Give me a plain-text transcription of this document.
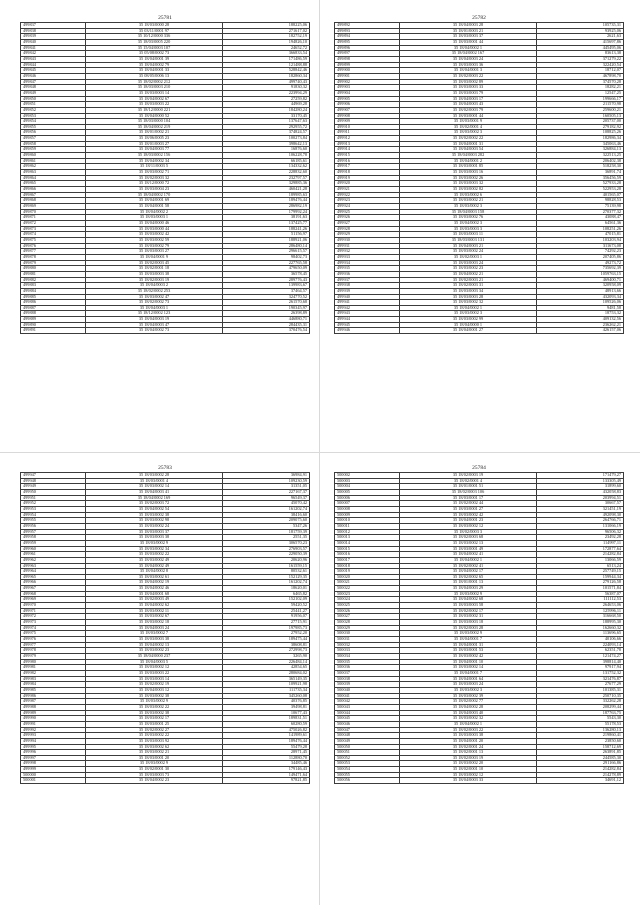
25781
499837	35 18/03/0000 28	188225,06
499838	35 03/11/0001 97	271617,02
499839	35 10/12/0000 336	182752,19
499840	35 18/03/0005 220	194826,10
499841	35 15/04/0003 107	24652,72
499842	35 05/08/0002 73	366833,54
499843	35 18/04/0001 39	171486,59
499844	35 18/04/0002 79	121488,88
499845	35 18/04/0001 33	528842,46
499846	35 08/05/0006 13	182860,34
499847	35 18/02/0002 212	499740,43
499848	35 18/03/0003 210	91830,32
499849	35 18/03/0003 14	223994,29
499850	35 18/04/0002 67	27259,82
499851	35 18/03/0003 22	44969,28
499852	35 18/12/0000 221	184280,24
499853	35 18/04/0000 52	33170,45
499854	35 18/03/0000 104	137647,63
499855	35 18/04/0002 219	292955,72
499856	35 18/01/0002 21	374824,57
499857	35 18/06/0005 23	100273,84
499858	35 18/01/0003 27	398642,13
499859	35 18/04/0003 77	16876,60
499860	35 18/03/0002 156	106228,78
499861	35 18/04/0002 34	66185,61
499862	35 18/11/0003 5	134332,62
499863	35 18/03/0002 71	228832,60
499864	35 18/02/0003 32	232797,57
499865	35 18/12/0000 72	329885,36
499866	35 18/03/0004 23	460421,28
499867	35 18/04/0002 170	189985,63
499868	35 18/04/0001 69	189476,44
499869	35 18/04/0001 58	286982,19
499870	35 18/04/0002 2	179992,24
499871	35 18/03/0003 1	38191,63
499872	35 18/04/0000 46	137425,77
499873	35 18/03/0000 44	188241,26
499874	35 18/03/0002 42	51156,97
499875	35 18/03/0002 59	188921,06
499876	35 18/03/0002 79	286480,14
499877	35 18/03/0003 27	296615,57
499878	35 18/04/0001 9	98402,73
499879	35 18/02/0003 45	227765,58
499880	35 18/02/0001 18	479650,09
499881	35 18/03/0003 38	36578,45
499882	35 18/02/0003 19	289776,43
499883	35 18/04/0003 2	139983,67
499884	35 18/02/0002 253	37464,57
499885	35 18/03/0002 47	324770,52
499886	35 18/02/0002 73	261570,68
499887	35 18/04/0003 1	190345,97
499888	35 18/12/0002 123	26398,89
499889	35 18/04/0003 19	446880,71
499890	35 18/04/0003 47	284435,31
499891	35 18/04/0002 73	370476,54
25782
499892	35 18/04/0003 28	105735,31
499893	35 18/01/0003 21	93925,06
499894	35 18/03/0003 37	2621,63
499895	35 18/03/0001 44	415697,86
499896	35 18/04/0002 1	445495,06
499897	35 18/04/0002 167	83613,38
499898	35 18/04/0003 24	371279,22
499899	35 18/03/0003 36	322420,54
499900	35 18/04/0001 3	18712,07
499901	35 18/02/0003 22	467898,70
499902	35 18/03/0002 89	374570,28
499903	35 18/03/0003 33	18282,21
499904	35 18/03/0003 79	12547,25
499905	35 18/04/0003 17	199666,17
499906	35 18/04/0003 43	211570,98
499907	35 18/02/0003 79	259600,21
499908	35 18/03/0001 44	160505,13
499909	35 18/03/0001 9	205737,00
499910	35 18/02/0001 4	279182,92
499911	35 18/03/0002 3	108825,26
499912	35 18/02/0002 22	182986,34
499913	35 18/04/0001 31	345063,46
499914	35 18/04/0003 54	326884,13
499915	35 18/04/0003 282	322513,25
499916	35 18/04/0001 2	206402,38
499917	35 18/03/0001 85	518258,30
499918	35 18/03/0003 16	36891,74
499919	35 18/03/0002 26	356456,59
499920	35 18/03/0003 32	527933,28
499921	35 18/03/0002 82	522953,28
499922	35 18/03/0002 6	401565,07
499923	35 18/03/0002 21	98828,53
499924	35 18/03/0002 3	75139,98
499925	35 18/04/0003 158	270377,32
499926	35 18/03/0002 76	43088,47
499927	35 18/04/0002 3	64561,36
499928	35 18/03/0003 3	108251,26
499929	35 18/03/0003 11	47015,81
499930	35 18/03/0003 131	103203,94
499931	35 18/04/0003 21	311673,08
499932	35 18/03/0002 24	74292,23
499933	35 18/02/0003 1	207405,86
499934	35 18/03/0003 24	49273,72
499935	35 18/03/0002 23	735692,39
499936	35 18/04/0002 21	1059763,15
499937	35 18/02/0003 21	469400,71
499938	35 18/02/0003 31	320958,09
499939	35 18/03/0003 34	48913,66
499940	35 18/03/0003 28	432093,34
499941	35 18/03/0002 32	109526,06
499942	35 18/04/0002 1	9481,58
499943	35 18/03/0002 3	18753,32
499944	35 18/03/0002 99	409132,56
499945	35 18/04/0000 1	236262,21
499946	35 18/04/0001 27	426157,06
25783
499947	35 18/03/0002 28	36984,91
499948	35 18/03/0001 4	109230,59
499949	35 18/03/0002 14	31351,05
499950	35 18/04/0003 41	227167,37
499951	35 18/04/0002 169	96549,37
499952	35 18/02/0003 72	45070,42
499953	35 18/04/0002 54	161202,74
499954	35 18/03/0002 38	38416,60
499955	35 18/03/0002 98	209075,60
499956	35 18/03/0002 24	5347,26
499957	35 18/03/0003 37	181759,39
499958	35 18/03/0003 38	2551,35
499959	35 18/03/0002 9	306570,23
499960	35 18/03/0002 34	276903,57
499961	35 18/03/0002 22	229050,39
499962	35 18/03/0002 49	20620,96
499963	35 18/04/0002 49	161559,15
499964	35 18/04/0002 8	80532,61
499965	35 18/03/0002 61	152129,35
499966	35 18/04/0002 19	161202,74
499967	35 18/04/0002 46	18620,01
499968	35 18/04/0001 68	6465,82
499969	35 18/02/0003 49	152102,09
499970	35 18/04/0002 62	59420,52
499971	35 18/03/0002 11	25441,27
499972	35 18/03/0002 67	91956,07
499973	35 18/03/0002 18	27715,91
499974	35 18/04/0003 24	197985,73
499975	35 18/03/0002 7	27952,20
499976	35 18/03/0003 38	189475,44
499977	35 18/04/0002 13	38608,81
499978	35 18/03/0002 23	272998,73
499979	35 18/04/0000 237	3265,90
499980	35 18/04/0003 5	226484,14
499981	35 18/03/0002 12	42854,65
499982	35 18/03/0003 22	280684,02
499983	35 18/03/0003 14	365149,35
499984	35 18/02/0002 19	109921,98
499985	35 18/04/0003 12	111735,34
499986	35 18/03/0002 38	345260,08
499987	35 18/03/0002 9	40376,85
499988	35 18/03/0002 22	39498,81
499989	35 18/03/0002 38	10677,43
499990	35 18/03/0002 17	189831,51
499991	35 18/03/0001 25	60280,59
499992	35 18/02/0002 27	475026,82
499993	35 18/03/0002 22	141989,61
499994	35 18/03/0003 92	189476,44
499995	35 18/03/0002 62	55479,28
499996	35 18/03/0002 21	28971,45
499997	35 18/03/0001 20	112880,70
499998	35 18/03/0002 9	34485,46
499999	35 18/02/0001 30	179146,43
500000	35 18/03/0003 73	149471,64
500001	35 18/04/0002 23	97821,85
25784
500002	35 18/02/0003 19	171479,27
500003	35 18/02/0001 4	133305,49
500004	35 18/01/0001 51	31899,60
500005	35 18/02/0003 106	432058,83
500006	35 18/03/0001 17	203994,51
500007	35 18/02/0002 44	30667,57
500008	35 18/03/0001 27	321451,19
500009	35 18/03/0002 42	492098,30
500010	35 18/04/0001 23	264766,71
500011	35 18/03/0002 12	131066,19
500012	35 18/02/0003 3	96506,32
500013	35 18/02/0003 68	23492,28
500014	35 18/03/0002 13	114997,11
500015	35 18/03/0001 49	172877,64
500016	35 18/04/0002 41	214282,84
500017	35 18/04/0002 1	13066,59
500018	35 18/02/0002 41	6513,24
500019	35 18/04/0002 17	257749,15
500020	35 18/02/0002 65	159944,34
500021	35 18/01/0001 13	279126,58
500022	35 18/04/0003 29	101571,84
500023	35 18/03/0002 9	56387,07
500024	35 18/04/0002 68	111112,53
500025	35 18/03/0003 58	264653,06
500026	35 18/02/0002 17	125996,11
500027	35 18/03/0002 31	316668,50
500028	35 18/03/0003 18	188995,30
500029	35 18/02/0003 28	162660,32
500030	35 18/03/0002 9	113696,65
500031	35 18/04/0001 7	40106,66
500032	35 18/04/0001 31	224093,14
500033	35 18/03/0001 53	62351,78
500034	35 18/03/0002 42	121474,27
500035	35 18/04/0001 10	398814,40
500036	35 18/03/0002 14	97917,94
500037	35 18/04/0001 7	131752,32
500038	35 18/04/0001 64	321476,87
500039	35 18/03/0003 24	27677,29
500040	35 18/03/0002 3	101385,31
500041	35 18/03/0002 39	250710,35
500042	35 18/02/0002 77	332262,28
500043	35 18/04/0002 28	208299,44
500044	35 18/04/0003 40	187763,75
500045	35 18/03/0002 32	5543,30
500046	35 18/04/0002 1	55178,53
500047	35 18/02/0003 22	136280,13
500048	35 18/03/0003 38	219860,41
500049	35 18/04/0001 20	23850,60
500050	35 18/02/0001 24	158712,69
500051	35 18/02/0001 13	263891,85
500052	35 18/02/0003 19	244585,30
500053	35 18/03/0002 20	291166,86
500054	35 18/02/0001 10	214282,84
500055	35 18/03/0002 12	214278,89
500056	35 18/04/0003 33	34691,12
